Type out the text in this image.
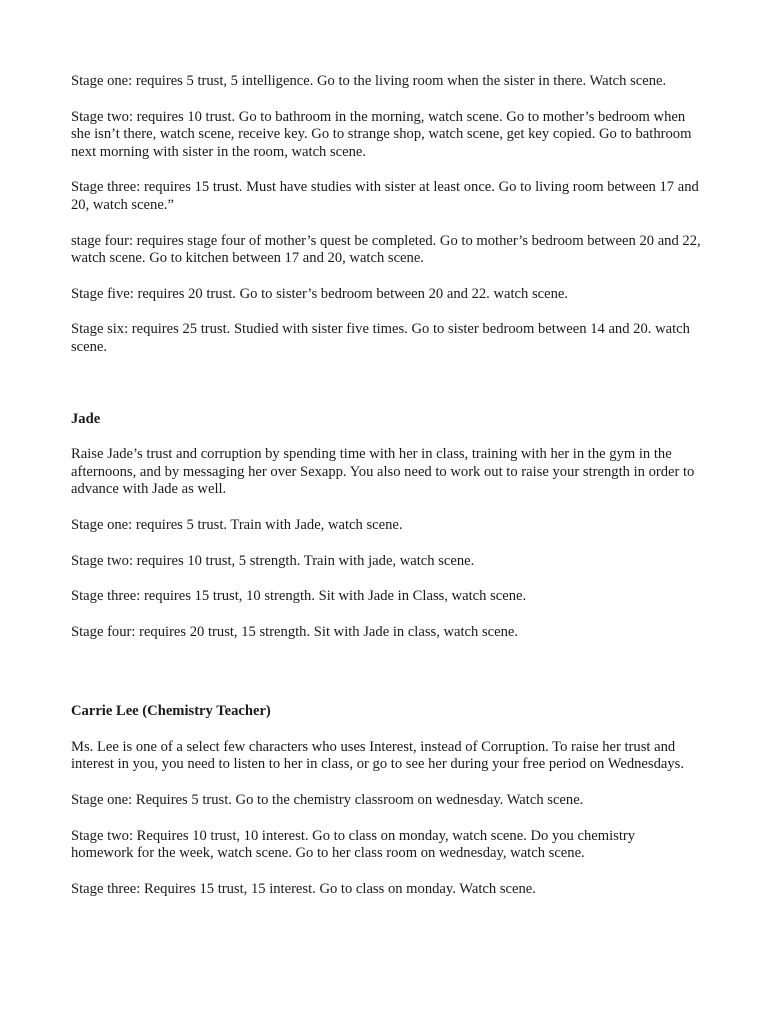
Stage one: requires 5 trust, 5 intelligence. Go to the living room when the sister in there. Watch scene.

Stage two: requires 10 trust. Go to bathroom in the morning, watch scene. Go to mother’s bedroom when she isn’t there, watch scene, receive key. Go to strange shop, watch scene, get key copied. Go to bathroom next morning with sister in the room, watch scene.

Stage three: requires 15 trust. Must have studies with sister at least once. Go to living room between 17 and 20, watch scene.”

stage four: requires stage four of mother’s quest be completed. Go to mother’s bedroom between 20 and 22, watch scene. Go to kitchen between 17 and 20, watch scene.

Stage five: requires 20 trust. Go to sister’s bedroom between 20 and 22. watch scene.

Stage six: requires 25 trust. Studied with sister five times. Go to sister bedroom between 14 and 20. watch scene.

Jade

Raise Jade’s trust and corruption by spending time with her in class, training with her in the gym in the afternoons, and by messaging her over Sexapp. You also need to work out to raise your strength in order to advance with Jade as well.

Stage one: requires 5 trust. Train with Jade, watch scene.

Stage two: requires 10 trust, 5 strength. Train with jade, watch scene.

Stage three: requires 15 trust, 10 strength. Sit with Jade in Class, watch scene.

Stage four: requires 20 trust, 15 strength. Sit with Jade in class, watch scene.

Carrie Lee (Chemistry Teacher)

Ms. Lee is one of a select few characters who uses Interest, instead of Corruption. To raise her trust and interest in you, you need to listen to her in class, or go to see her during your free period on Wednesdays.

Stage one: Requires 5 trust. Go to the chemistry classroom on wednesday. Watch scene.

Stage two: Requires 10 trust, 10 interest. Go to class on monday, watch scene. Do you chemistry homework for the week, watch scene. Go to her class room on wednesday, watch scene.

Stage three: Requires 15 trust, 15 interest. Go to class on monday. Watch scene.
